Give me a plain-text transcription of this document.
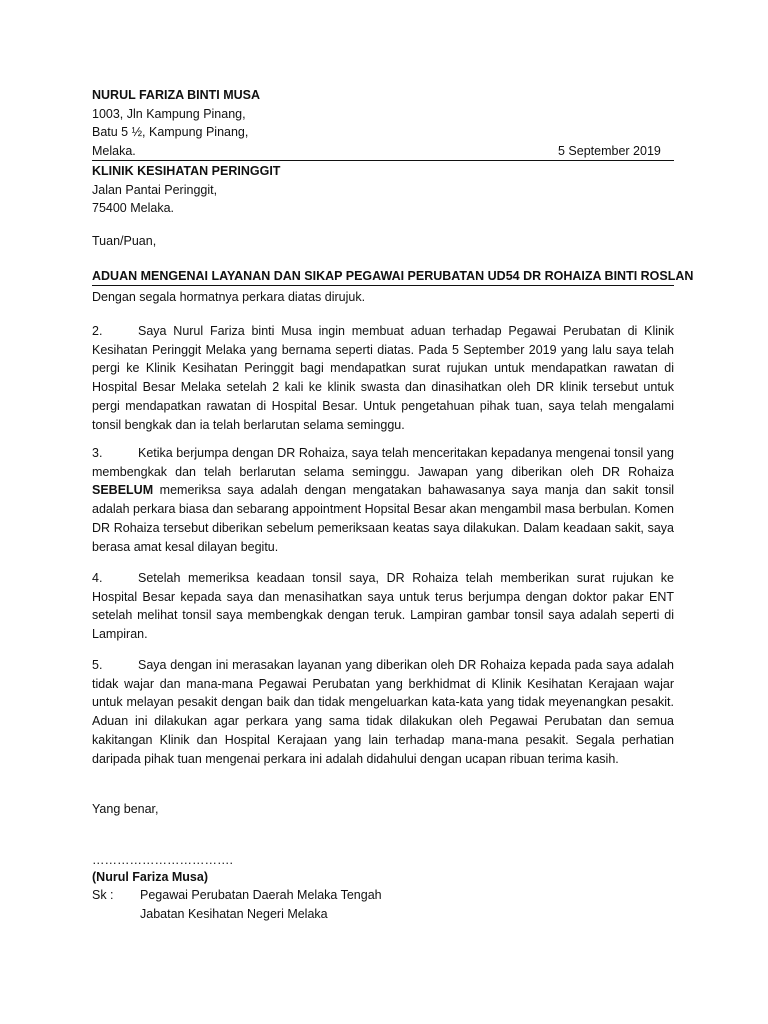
NURUL FARIZA BINTI MUSA
1003, Jln Kampung Pinang,
Batu 5 ½, Kampung Pinang,
Melaka.	5 September 2019
KLINIK KESIHATAN PERINGGIT
Jalan Pantai Peringgit,
75400 Melaka.
Tuan/Puan,
ADUAN MENGENAI LAYANAN DAN SIKAP PEGAWAI PERUBATAN UD54 DR ROHAIZA BINTI ROSLAN
Dengan segala hormatnya perkara diatas dirujuk.
2.	Saya Nurul Fariza binti Musa ingin membuat aduan terhadap Pegawai Perubatan di Klinik Kesihatan Peringgit Melaka yang bernama seperti diatas. Pada 5 September 2019 yang lalu saya telah pergi ke Klinik Kesihatan Peringgit bagi mendapatkan surat rujukan untuk mendapatkan rawatan di Hospital Besar Melaka setelah 2 kali ke klinik swasta dan dinasihatkan oleh DR klinik tersebut untuk pergi mendapatkan rawatan di Hospital Besar. Untuk pengetahuan pihak tuan, saya telah mengalami tonsil bengkak dan ia telah berlarutan selama seminggu.
3.	Ketika berjumpa dengan DR Rohaiza, saya telah menceritakan kepadanya mengenai tonsil yang membengkak dan telah berlarutan selama seminggu. Jawapan yang diberikan oleh DR Rohaiza SEBELUM memeriksa saya adalah dengan mengatakan bahawasanya saya manja dan sakit tonsil adalah perkara biasa dan sebarang appointment Hopsital Besar akan mengambil masa berbulan. Komen DR Rohaiza tersebut diberikan sebelum pemeriksaan keatas saya dilakukan. Dalam keadaan sakit, saya berasa amat kesal dilayan begitu.
4.	Setelah memeriksa keadaan tonsil saya, DR Rohaiza telah memberikan surat rujukan ke Hospital Besar kepada saya dan menasihatkan saya untuk terus berjumpa dengan doktor pakar ENT setelah melihat tonsil saya membengkak dengan teruk. Lampiran gambar tonsil saya adalah seperti di Lampiran.
5.	Saya dengan ini merasakan layanan yang diberikan oleh DR Rohaiza kepada pada saya adalah tidak wajar dan mana-mana Pegawai Perubatan yang berkhidmat di Klinik Kesihatan Kerajaan wajar untuk melayan pesakit dengan baik dan tidak mengeluarkan kata-kata yang tidak meyenangkan pesakit. Aduan ini dilakukan agar perkara yang sama tidak dilakukan oleh Pegawai Perubatan dan semua kakitangan Klinik dan Hospital Kerajaan yang lain terhadap mana-mana pesakit. Segala perhatian daripada pihak tuan mengenai perkara ini adalah didahului dengan ucapan ribuan terima kasih.
Yang benar,
…………………………….
(Nurul Fariza Musa)
Sk : Pegawai Perubatan Daerah Melaka Tengah
Jabatan Kesihatan Negeri Melaka
